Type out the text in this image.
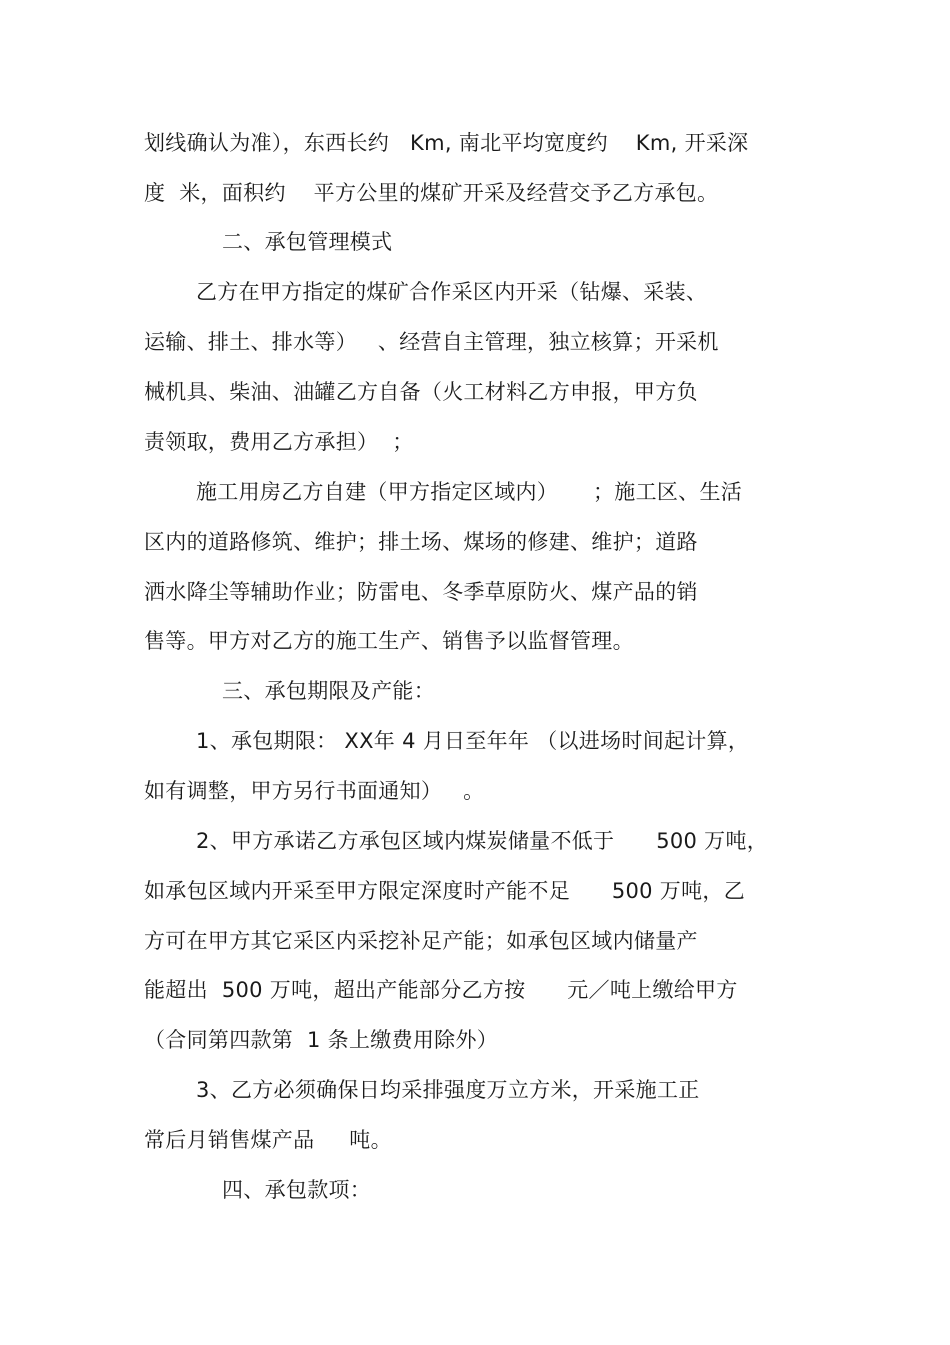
划线确认为准），东西长约   Km, 南北平均宽度约    Km, 开采深
度  米，面积约    平方公里的煤矿开采及经营交予乙方承包。
二、承包管理模式
乙方在甲方指定的煤矿合作采区内开采（钻爆、采装、
运输、排土、排水等）   、经营自主管理，独立核算；开采机
械机具、柴油、油罐乙方自备（火工材料乙方申报，甲方负
责领取，费用乙方承担）  ；
施工用房乙方自建（甲方指定区域内）     ；施工区、生活
区内的道路修筑、维护；排土场、煤场的修建、维护；道路
洒水降尘等辅助作业；防雷电、冬季草原防火、煤产品的销
售等。甲方对乙方的施工生产、销售予以监督管理。
三、承包期限及产能：
1、承包期限： XX年 4 月日至年年 （以进场时间起计算，
如有调整，甲方另行书面通知）   。
2、甲方承诺乙方承包区域内煤炭储量不低于      500 万吨，
如承包区域内开采至甲方限定深度时产能不足      500 万吨，乙
方可在甲方其它采区内采挖补足产能；如承包区域内储量产
能超出  500 万吨，超出产能部分乙方按      元／吨上缴给甲方
（合同第四款第  1 条上缴费用除外）
3、乙方必须确保日均采排强度万立方米，开采施工正
常后月销售煤产品     吨。
四、承包款项：
